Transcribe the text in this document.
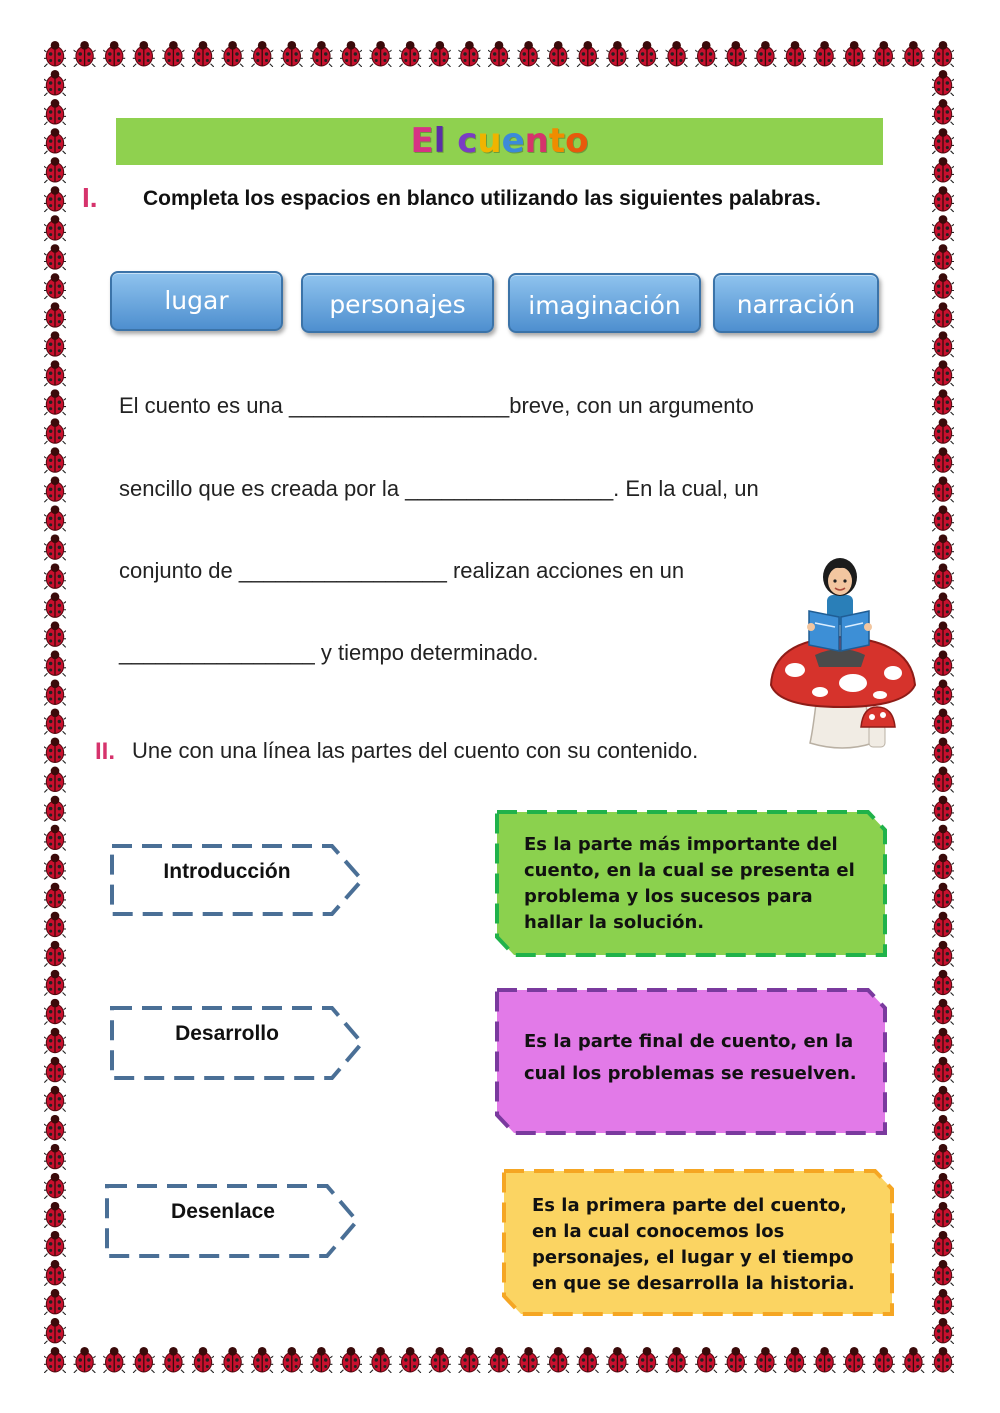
El cuento
I. Completa los espacios en blanco utilizando las siguientes palabras.
lugar	personajes	imaginación	narración
El cuento es una __________________breve, con un argumento
sencillo que es creada por la _________________. En la cual, un
conjunto de _________________ realizan acciones en un
________________ y tiempo determinado.
II. Une con una línea las partes del cuento con su contenido.
Introducción
Desarrollo
Desenlace
Es la parte más importante del cuento, en la cual se presenta el problema y los sucesos para hallar la solución.
Es la parte final de cuento, en la cual los problemas se resuelven.
Es la primera parte del cuento, en la cual conocemos los personajes, el lugar y el tiempo en que se desarrolla la historia.
